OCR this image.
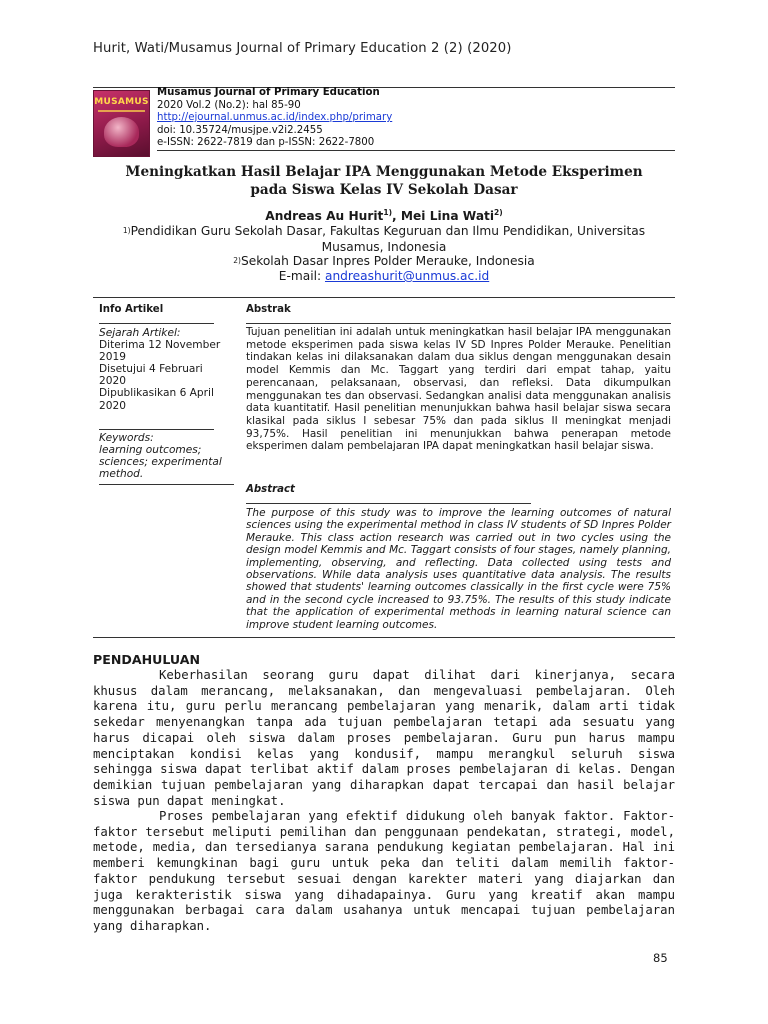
Hurit, Wati/Musamus Journal of Primary Education 2 (2) (2020)
MUSAMUS
Musamus Journal of Primary Education
2020 Vol.2 (No.2): hal 85-90
http://ejournal.unmus.ac.id/index.php/primary
doi: 10.35724/musjpe.v2i2.2455
e-ISSN: 2622-7819 dan p-ISSN: 2622-7800
Meningkatkan Hasil Belajar IPA Menggunakan Metode Eksperimen
pada Siswa Kelas IV Sekolah Dasar
Andreas Au Hurit$^{1)}$, Mei Lina Wati$^{2)}$
$^{1)}$Pendidikan Guru Sekolah Dasar, Fakultas Keguruan dan Ilmu Pendidikan, Universitas
Musamus, Indonesia
$^{2)}$Sekolah Dasar Inpres Polder Merauke, Indonesia
E-mail: andreashurit@unmus.ac.id
Info Artikel	Abstrak
Sejarah Artikel:
Diterima 12 November 2019
Disetujui 4 Februari 2020
Dipublikasikan 6 April 2020
Keywords:
learning outcomes; sciences; experimental method.
Tujuan penelitian ini adalah untuk meningkatkan hasil belajar IPA menggunakan metode eksperimen pada siswa kelas IV SD Inpres Polder Merauke. Penelitian tindakan kelas ini dilaksanakan dalam dua siklus dengan menggunakan desain model Kemmis dan Mc. Taggart yang terdiri dari empat tahap, yaitu perencanaan, pelaksanaan, observasi, dan refleksi. Data dikumpulkan menggunakan tes dan observasi. Sedangkan analisi data menggunakan analisis data kuantitatif. Hasil penelitian menunjukkan bahwa hasil belajar siswa secara klasikal pada siklus I sebesar 75% dan pada siklus II meningkat menjadi 93,75%. Hasil penelitian ini menunjukkan bahwa penerapan metode eksperimen dalam pembelajaran IPA dapat meningkatkan hasil belajar siswa.
Abstract
The purpose of this study was to improve the learning outcomes of natural sciences using the experimental method in class IV students of SD Inpres Polder Merauke. This class action research was carried out in two cycles using the design model Kemmis and Mc. Taggart consists of four stages, namely planning, implementing, observing, and reflecting. Data collected using tests and observations. While data analysis uses quantitative data analysis. The results showed that students' learning outcomes classically in the first cycle were 75% and in the second cycle increased to 93.75%. The results of this study indicate that the application of experimental methods in learning natural science can improve student learning outcomes.
PENDAHULUAN

Keberhasilan seorang guru dapat dilihat dari kinerjanya, secara khusus dalam merancang, melaksanakan, dan mengevaluasi pembelajaran. Oleh karena itu, guru perlu merancang pembelajaran yang menarik, dalam arti tidak sekedar menyenangkan tanpa ada tujuan pembelajaran tetapi ada sesuatu yang harus dicapai oleh siswa dalam proses pembelajaran. Guru pun harus mampu menciptakan kondisi kelas yang kondusif, mampu merangkul seluruh siswa sehingga siswa dapat terlibat aktif dalam proses pembelajaran di kelas. Dengan demikian tujuan pembelajaran yang diharapkan dapat tercapai dan hasil belajar siswa pun dapat meningkat.

Proses pembelajaran yang efektif didukung oleh banyak faktor. Faktor-faktor tersebut meliputi pemilihan dan penggunaan pendekatan, strategi, model, metode, media, dan tersedianya sarana pendukung kegiatan pembelajaran. Hal ini memberi kemungkinan bagi guru untuk peka dan teliti dalam memilih faktor-faktor pendukung tersebut sesuai dengan karekter materi yang diajarkan dan juga kerakteristik siswa yang dihadapainya. Guru yang kreatif akan mampu menggunakan berbagai cara dalam usahanya untuk mencapai tujuan pembelajaran yang diharapkan.

85
